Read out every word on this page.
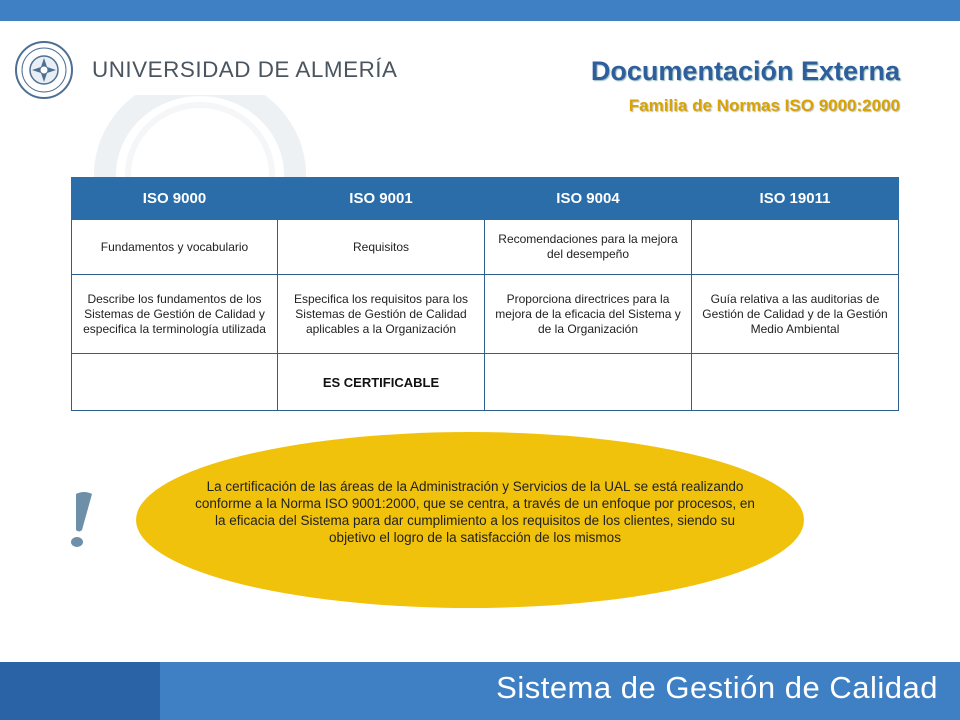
UNIVERSIDAD DE ALMERÍA	Documentación Externa
Familia de Normas ISO 9000:2000
ISO 9000	ISO 9001	ISO 9004	ISO 19011
Fundamentos y vocabulario	Requisitos	Recomendaciones para la mejora del desempeño	
Describe los fundamentos de los Sistemas de Gestión de Calidad y especifica la terminología utilizada	Especifica los requisitos para los Sistemas de Gestión de Calidad aplicables a la Organización	Proporciona directrices para la mejora de la eficacia del Sistema y de la Organización	Guía relativa a las auditorias de Gestión de Calidad y de la Gestión Medio Ambiental
	ES CERTIFICABLE		
La certificación de las áreas de la Administración y Servicios de la UAL se está realizando conforme a la Norma ISO 9001:2000, que se centra, a través de un enfoque por procesos, en la eficacia del Sistema para dar cumplimiento a los requisitos de los clientes, siendo su objetivo el logro de la satisfacción de los mismos
Sistema de Gestión de Calidad
